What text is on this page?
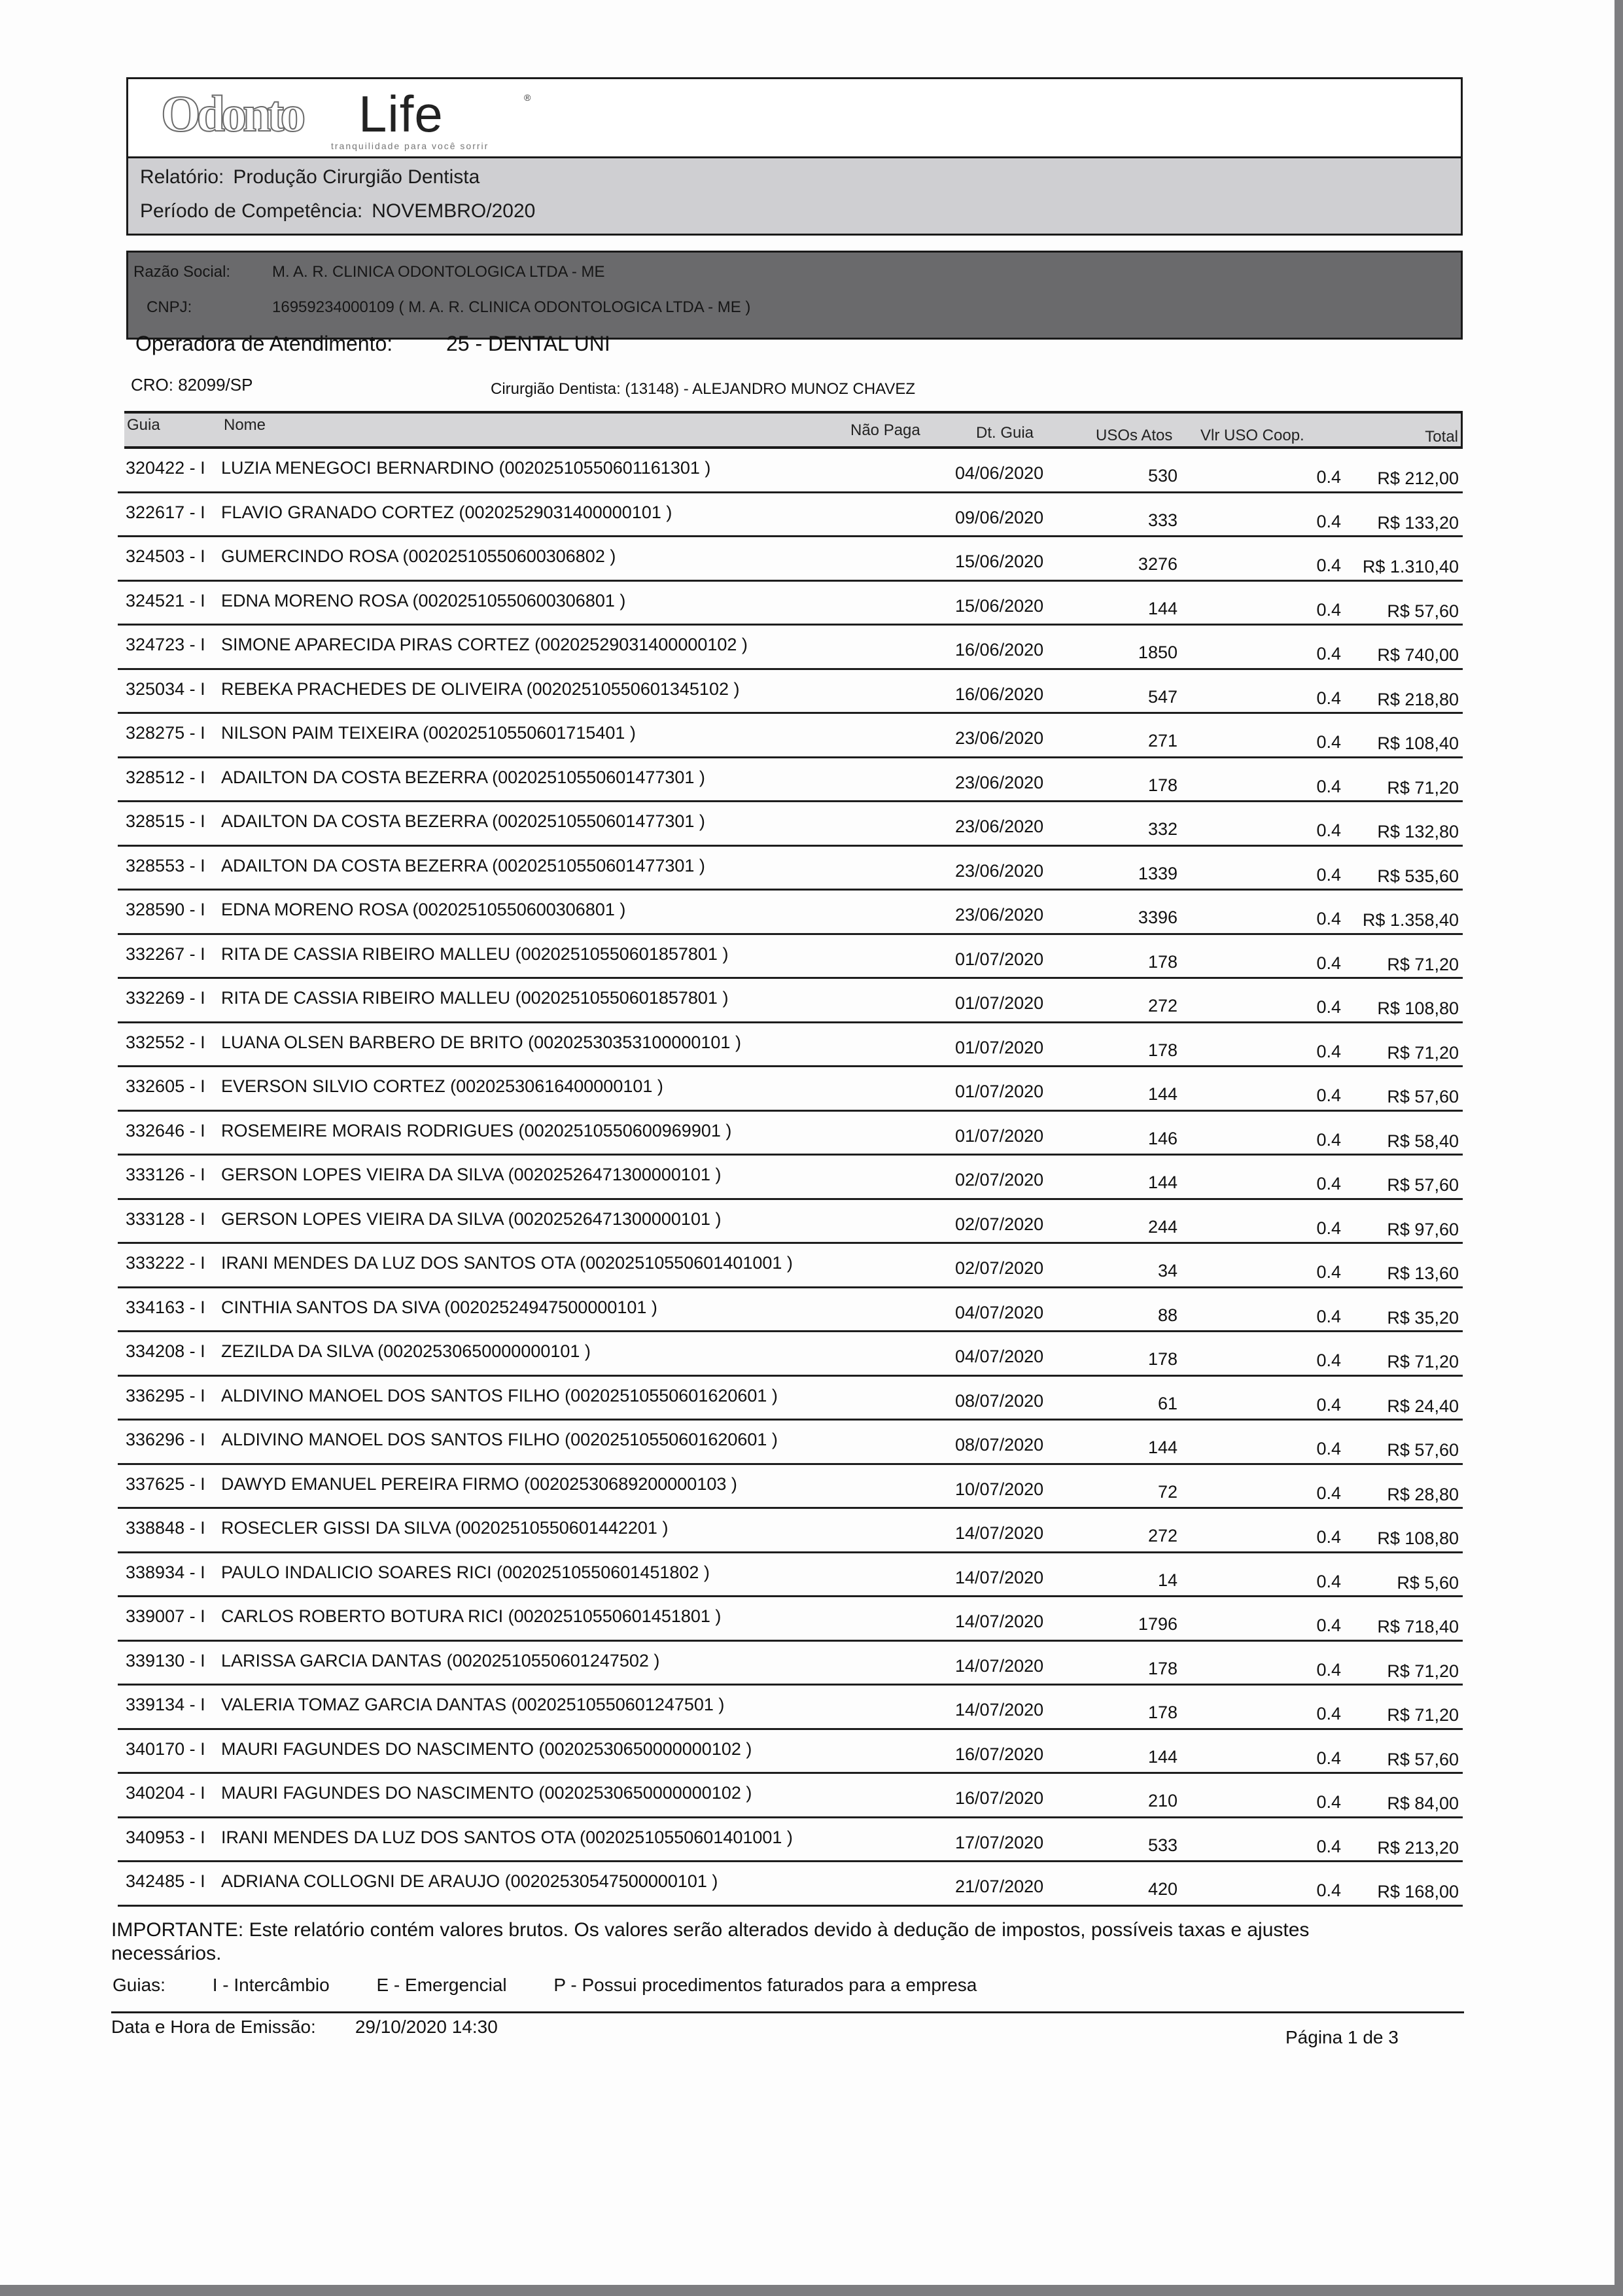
Odonto Life	®
tranquilidade para você sorrir
Relatório: Produção Cirurgião Dentista
Período de Competência: NOVEMBRO/2020
Razão Social:	M. A. R. CLINICA ODONTOLOGICA LTDA - ME
CNPJ:	16959234000109 ( M. A. R. CLINICA ODONTOLOGICA LTDA - ME )
Operadora de Atendimento:	25 - DENTAL UNI
CRO: 82099/SP	Cirurgião Dentista: (13148) - ALEJANDRO MUNOZ CHAVEZ
Guia	Nome	Não Paga	Dt. Guia	USOs Atos Vlr USO Coop.	Total
320422 - I LUZIA MENEGOCI BERNARDINO (00202510550601161301 )	04/06/2020	530	0.4 R$ 212,00
322617 - I FLAVIO GRANADO CORTEZ (00202529031400000101 )	09/06/2020	333	0.4 R$ 133,20
324503 - I GUMERCINDO ROSA (00202510550600306802 )	15/06/2020	3276	0.4 R$ 1.310,40
324521 - I EDNA MORENO ROSA (00202510550600306801 )	15/06/2020	144	0.4	R$ 57,60
324723 - I SIMONE APARECIDA PIRAS CORTEZ (00202529031400000102 )	16/06/2020	1850	0.4 R$ 740,00
325034 - I REBEKA PRACHEDES DE OLIVEIRA (00202510550601345102 )	16/06/2020	547	0.4 R$ 218,80
328275 - I NILSON PAIM TEIXEIRA (00202510550601715401 )	23/06/2020	271	0.4 R$ 108,40
328512 - I ADAILTON DA COSTA BEZERRA (00202510550601477301 )	23/06/2020	178	0.4	R$ 71,20
328515 - I ADAILTON DA COSTA BEZERRA (00202510550601477301 )	23/06/2020	332	0.4 R$ 132,80
328553 - I ADAILTON DA COSTA BEZERRA (00202510550601477301 )	23/06/2020	1339	0.4 R$ 535,60
328590 - I EDNA MORENO ROSA (00202510550600306801 )	23/06/2020	3396	0.4 R$ 1.358,40
332267 - I RITA DE CASSIA RIBEIRO MALLEU (00202510550601857801 )	01/07/2020	178	0.4	R$ 71,20
332269 - I RITA DE CASSIA RIBEIRO MALLEU (00202510550601857801 )	01/07/2020	272	0.4 R$ 108,80
332552 - I LUANA OLSEN BARBERO DE BRITO (00202530353100000101 )	01/07/2020	178	0.4	R$ 71,20
332605 - I EVERSON SILVIO CORTEZ (00202530616400000101 )	01/07/2020	144	0.4	R$ 57,60
332646 - I ROSEMEIRE MORAIS RODRIGUES (00202510550600969901 )	01/07/2020	146	0.4	R$ 58,40
333126 - I GERSON LOPES VIEIRA DA SILVA (00202526471300000101 )	02/07/2020	144	0.4	R$ 57,60
333128 - I GERSON LOPES VIEIRA DA SILVA (00202526471300000101 )	02/07/2020	244	0.4	R$ 97,60
333222 - I IRANI MENDES DA LUZ DOS SANTOS OTA (00202510550601401001 )	02/07/2020	34	0.4	R$ 13,60
334163 - I CINTHIA SANTOS DA SIVA (00202524947500000101 )	04/07/2020	88	0.4	R$ 35,20
334208 - I ZEZILDA DA SILVA (00202530650000000101 )	04/07/2020	178	0.4	R$ 71,20
336295 - I ALDIVINO MANOEL DOS SANTOS FILHO (00202510550601620601 )	08/07/2020	61	0.4	R$ 24,40
336296 - I ALDIVINO MANOEL DOS SANTOS FILHO (00202510550601620601 )	08/07/2020	144	0.4	R$ 57,60
337625 - I DAWYD EMANUEL PEREIRA FIRMO (00202530689200000103 )	10/07/2020	72	0.4	R$ 28,80
338848 - I ROSECLER GISSI DA SILVA (00202510550601442201 )	14/07/2020	272	0.4 R$ 108,80
338934 - I PAULO INDALICIO SOARES RICI (00202510550601451802 )	14/07/2020	14	0.4	R$ 5,60
339007 - I CARLOS ROBERTO BOTURA RICI (00202510550601451801 )	14/07/2020	1796	0.4 R$ 718,40
339130 - I LARISSA GARCIA DANTAS (00202510550601247502 )	14/07/2020	178	0.4	R$ 71,20
339134 - I VALERIA TOMAZ GARCIA DANTAS (00202510550601247501 )	14/07/2020	178	0.4	R$ 71,20
340170 - I MAURI FAGUNDES DO NASCIMENTO (00202530650000000102 )	16/07/2020	144	0.4	R$ 57,60
340204 - I MAURI FAGUNDES DO NASCIMENTO (00202530650000000102 )	16/07/2020	210	0.4	R$ 84,00
340953 - I IRANI MENDES DA LUZ DOS SANTOS OTA (00202510550601401001 )	17/07/2020	533	0.4 R$ 213,20
342485 - I ADRIANA COLLOGNI DE ARAUJO (00202530547500000101 )	21/07/2020	420	0.4 R$ 168,00
IMPORTANTE: Este relatório contém valores brutos. Os valores serão alterados devido à dedução de impostos, possíveis taxas e ajustes necessários.
Guias:	I - Intercâmbio	E - Emergencial	P - Possui procedimentos faturados para a empresa
Data e Hora de Emissão: 29/10/2020 14:30
Página 1 de 3
